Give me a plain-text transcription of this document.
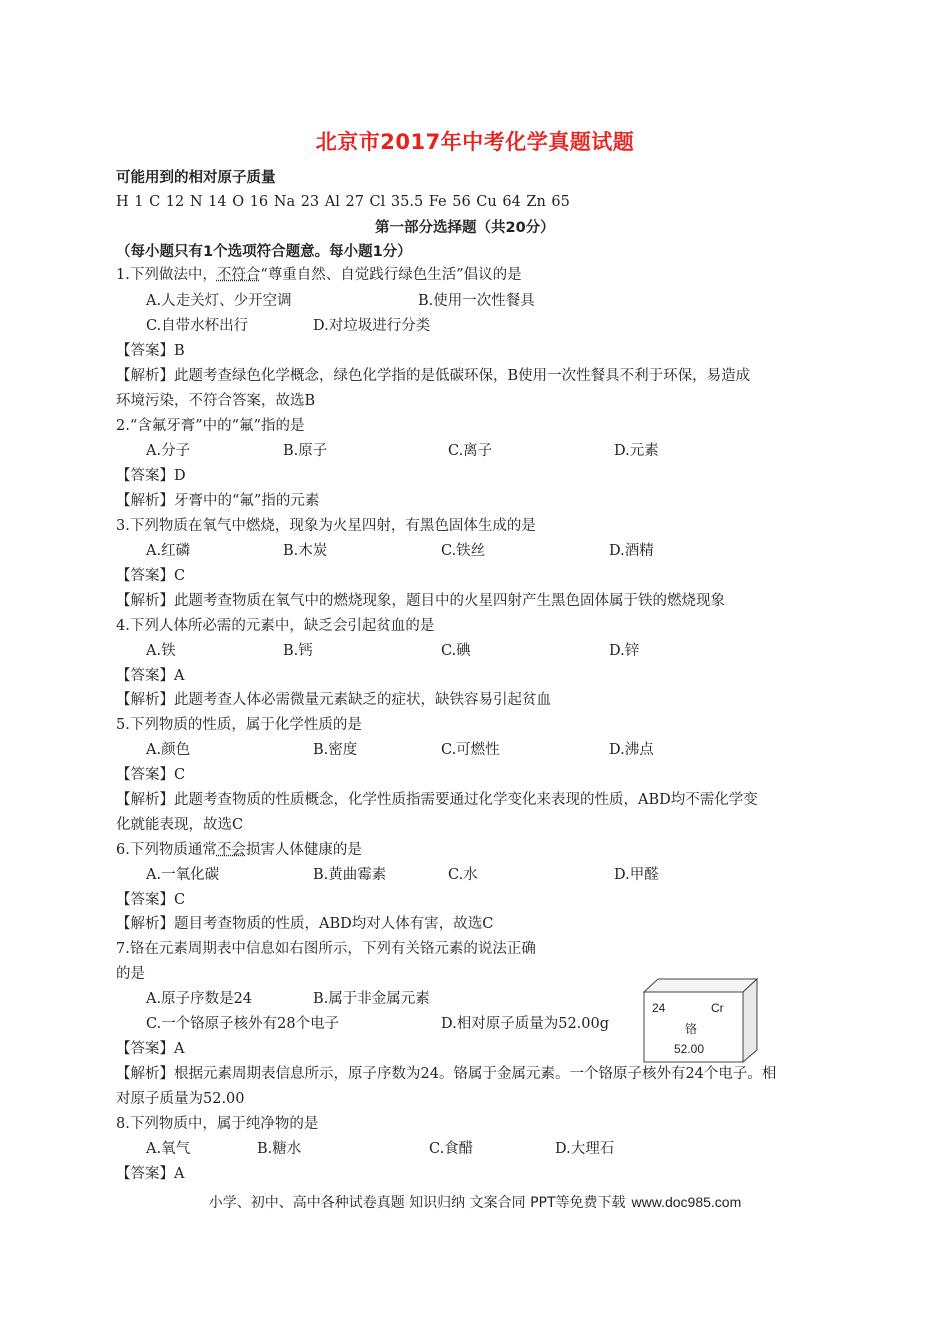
北京市2017年中考化学真题试题
可能用到的相对原子质量
H 1 C 12 N 14 O 16 Na 23 Al 27 Cl 35.5 Fe 56 Cu 64 Zn 65
第一部分选择题（共20分）
（每小题只有1个选项符合题意。每小题1分）
1.下列做法中，不符合“尊重自然、自觉践行绿色生活”倡议的是
A.人走关灯、少开空调	B.使用一次性餐具
C.自带水杯出行	D.对垃圾进行分类
【答案】B
【解析】此题考查绿色化学概念，绿色化学指的是低碳环保，B使用一次性餐具不利于环保，易造成
环境污染，不符合答案，故选B
2.“含氟牙膏”中的“氟”指的是
A.分子	B.原子	C.离子	D.元素
【答案】D
【解析】牙膏中的“氟”指的元素
3.下列物质在氧气中燃烧，现象为火星四射，有黑色固体生成的是
A.红磷	B.木炭	C.铁丝	D.酒精
【答案】C
【解析】此题考查物质在氧气中的燃烧现象，题目中的火星四射产生黑色固体属于铁的燃烧现象
4.下列人体所必需的元素中，缺乏会引起贫血的是
A.铁	B.钙	C.碘	D.锌
【答案】A
【解析】此题考查人体必需微量元素缺乏的症状，缺铁容易引起贫血
5.下列物质的性质，属于化学性质的是
A.颜色	B.密度	C.可燃性	D.沸点
【答案】C
【解析】此题考查物质的性质概念，化学性质指需要通过化学变化来表现的性质，ABD均不需化学变
化就能表现，故选C
6.下列物质通常不会损害人体健康的是
A.一氧化碳	B.黄曲霉素	C.水	D.甲醛
【答案】C
【解析】题目考查物质的性质，ABD均对人体有害，故选C
7.铬在元素周期表中信息如右图所示，下列有关铬元素的说法正确
的是
A.原子序数是24	B.属于非金属元素
C.一个铬原子核外有28个电子	D.相对原子质量为52.00g
【答案】A
【解析】根据元素周期表信息所示，原子序数为24。铬属于金属元素。一个铬原子核外有24个电子。相
对原子质量为52.00
24	Cr
铬
52.00
8.下列物质中，属于纯净物的是
A.氧气	B.糖水	C.食醋	D.大理石
【答案】A
小学、初中、高中各种试卷真题 知识归纳 文案合同 PPT等免费下载 www.doc985.com
